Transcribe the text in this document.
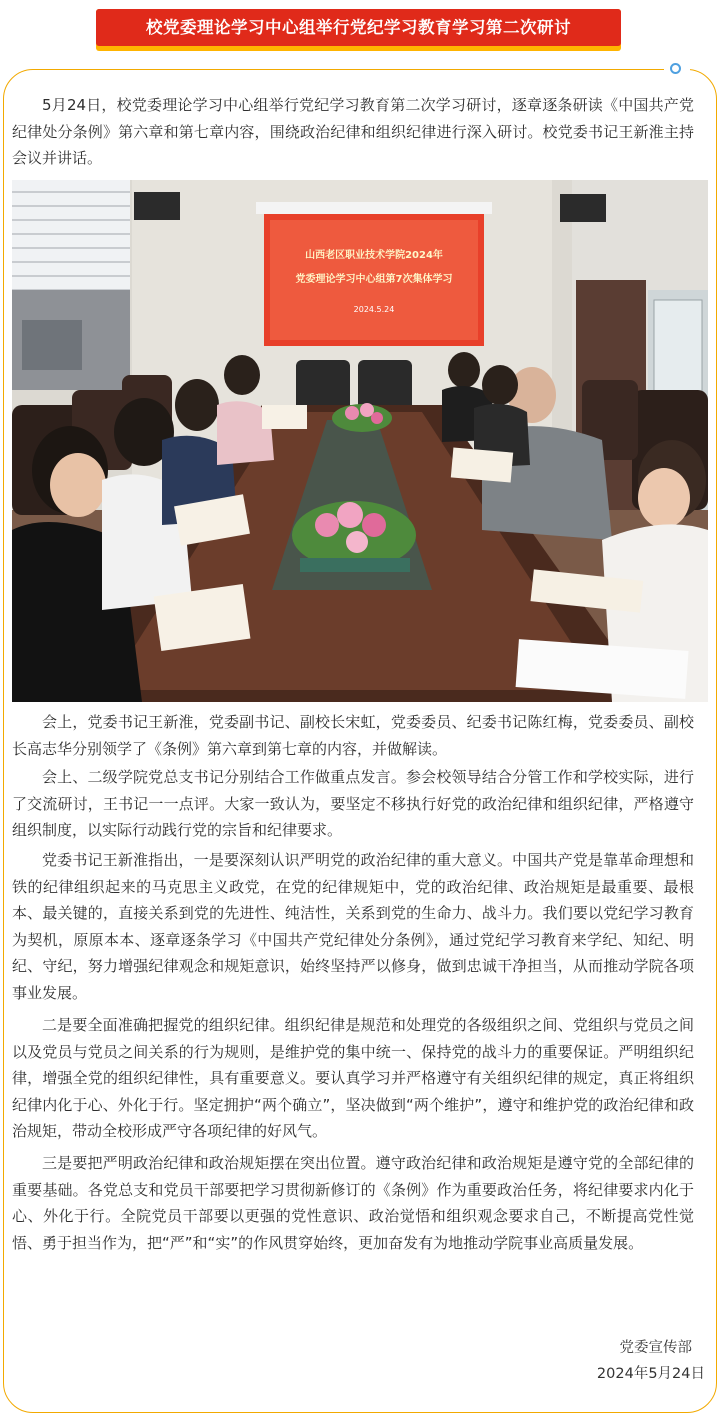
校党委理论学习中心组举行党纪学习教育学习第二次研讨

5月24日，校党委理论学习中心组举行党纪学习教育第二次学习研讨，逐章逐条研读《中国共产党纪律处分条例》第六章和第七章内容，围绕政治纪律和组织纪律进行深入研讨。校党委书记王新淮主持会议并讲话。

山西老区职业技术学院2024年
党委理论学习中心组第7次集体学习
2024.5.24

会上，党委书记王新淮，党委副书记、副校长宋虹，党委委员、纪委书记陈红梅，党委委员、副校长高志华分别领学了《条例》第六章到第七章的内容，并做解读。

会上、二级学院党总支书记分别结合工作做重点发言。参会校领导结合分管工作和学校实际，进行了交流研讨，王书记一一点评。大家一致认为，要坚定不移执行好党的政治纪律和组织纪律，严格遵守组织制度，以实际行动践行党的宗旨和纪律要求。

党委书记王新淮指出，一是要深刻认识严明党的政治纪律的重大意义。中国共产党是靠革命理想和铁的纪律组织起来的马克思主义政党，在党的纪律规矩中，党的政治纪律、政治规矩是最重要、最根本、最关键的，直接关系到党的先进性、纯洁性，关系到党的生命力、战斗力。我们要以党纪学习教育为契机，原原本本、逐章逐条学习《中国共产党纪律处分条例》，通过党纪学习教育来学纪、知纪、明纪、守纪，努力增强纪律观念和规矩意识，始终坚持严以修身，做到忠诚干净担当，从而推动学院各项事业发展。

二是要全面准确把握党的组织纪律。组织纪律是规范和处理党的各级组织之间、党组织与党员之间以及党员与党员之间关系的行为规则，是维护党的集中统一、保持党的战斗力的重要保证。严明组织纪律，增强全党的组织纪律性，具有重要意义。要认真学习并严格遵守有关组织纪律的规定，真正将组织纪律内化于心、外化于行。坚定拥护“两个确立”，坚决做到“两个维护”，遵守和维护党的政治纪律和政治规矩，带动全校形成严守各项纪律的好风气。

三是要把严明政治纪律和政治规矩摆在突出位置。遵守政治纪律和政治规矩是遵守党的全部纪律的重要基础。各党总支和党员干部要把学习贯彻新修订的《条例》作为重要政治任务，将纪律要求内化于心、外化于行。全院党员干部要以更强的党性意识、政治觉悟和组织观念要求自己，不断提高党性觉悟、勇于担当作为，把“严”和“实”的作风贯穿始终，更加奋发有为地推动学院事业高质量发展。

党委宣传部
2024年5月24日
